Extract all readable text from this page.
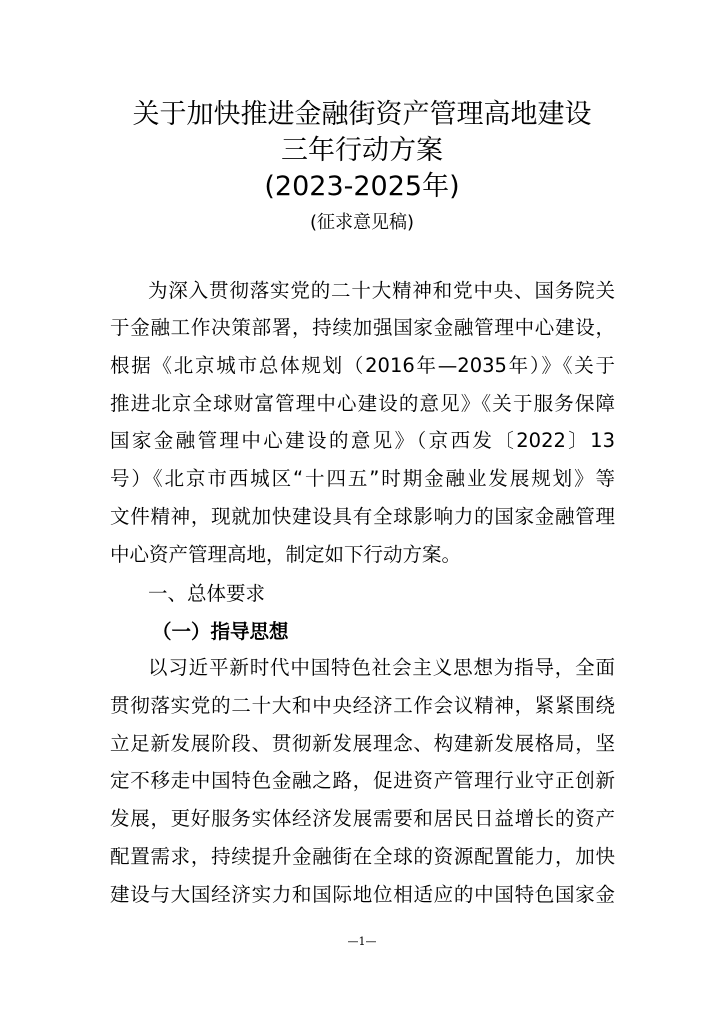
关于加快推进金融街资产管理高地建设
三年行动方案
(2023-2025年)
(征求意见稿)
为深入贯彻落实党的二十大精神和党中央、国务院关
于金融工作决策部署，持续加强国家金融管理中心建设，
根据《北京城市总体规划（2016年—2035年）》《关于
推进北京全球财富管理中心建设的意见》《关于服务保障
国家金融管理中心建设的意见》（京西发〔2022〕13
号）《北京市西城区“十四五”时期金融业发展规划》等
文件精神，现就加快建设具有全球影响力的国家金融管理
中心资产管理高地，制定如下行动方案。
一、总体要求
（一）指导思想
以习近平新时代中国特色社会主义思想为指导，全面
贯彻落实党的二十大和中央经济工作会议精神，紧紧围绕
立足新发展阶段、贯彻新发展理念、构建新发展格局，坚
定不移走中国特色金融之路，促进资产管理行业守正创新
发展，更好服务实体经济发展需要和居民日益增长的资产
配置需求，持续提升金融街在全球的资源配置能力，加快
建设与大国经济实力和国际地位相适应的中国特色国家金
—1—
